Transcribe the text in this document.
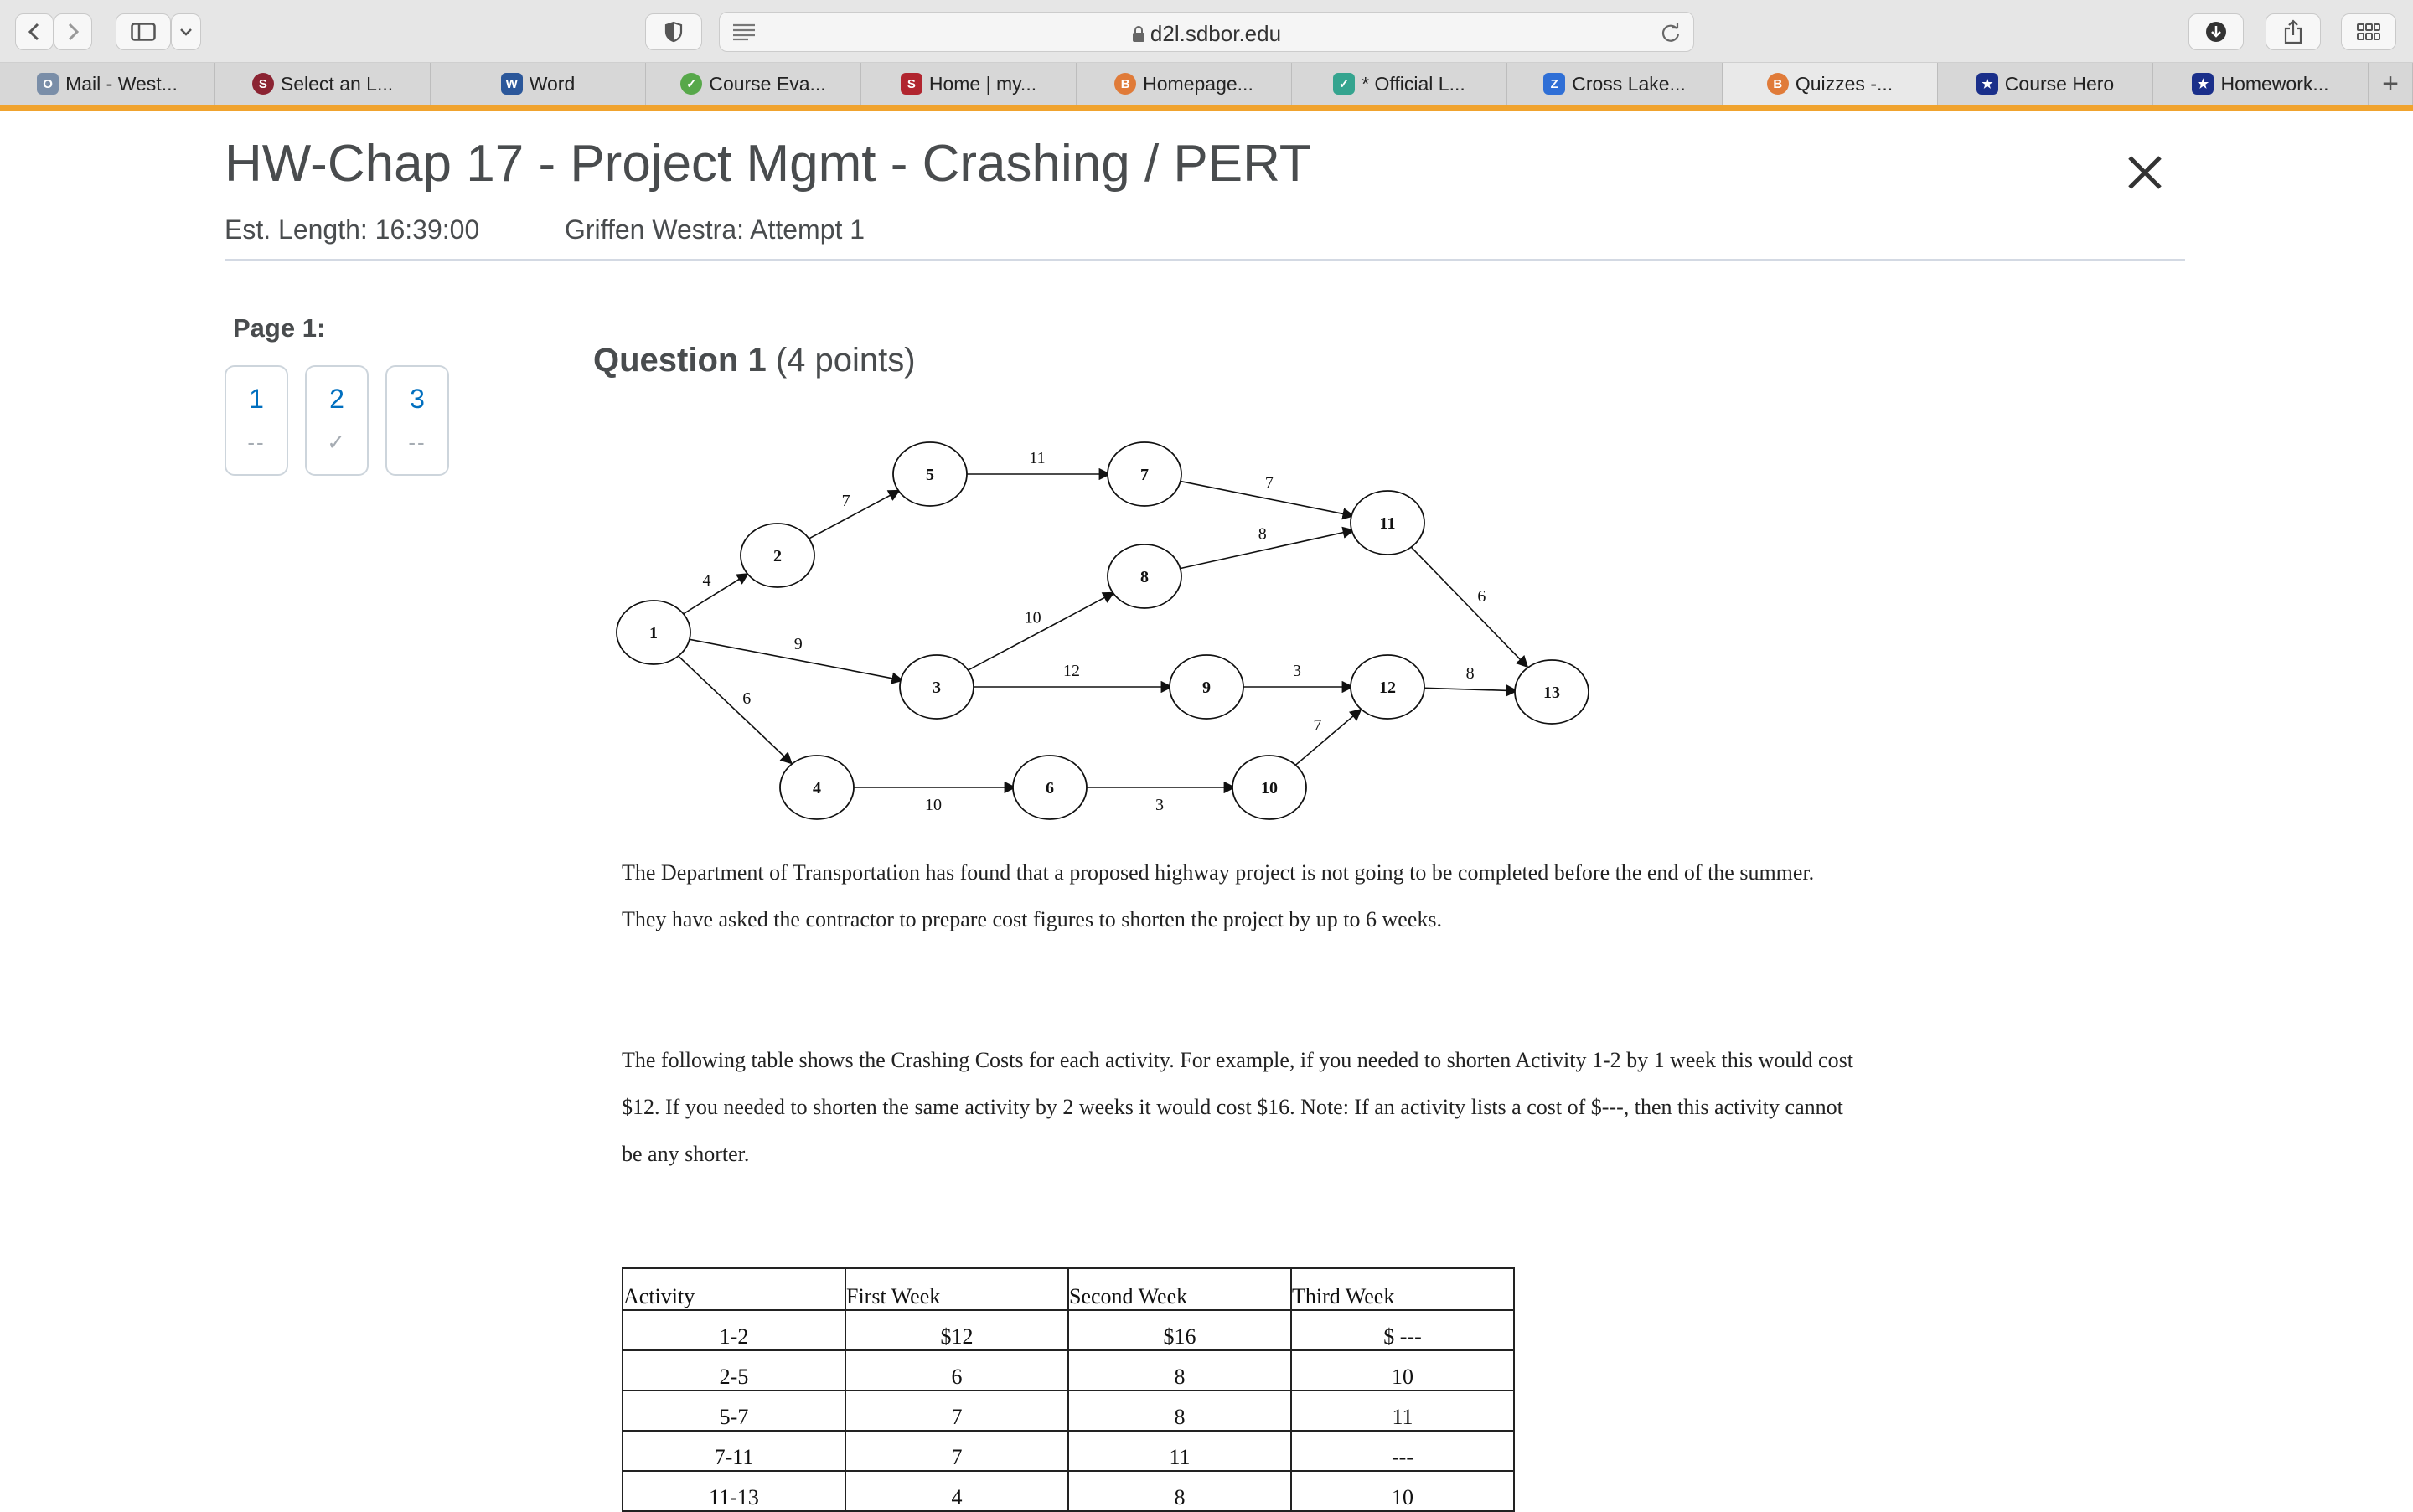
d2l.sdbor.edu
O Mail - West...	S Select an L...	W Word	✓ Course Eva...	S Home | my...	B Homepage...	✓ * Official L...	Z Cross Lake...	B Quizzes -...	★ Course Hero	★ Homework... +
HW-Chap 17 - Project Mgmt - Crashing / PERT
Est. Length: 16:39:00	Griffen Westra: Attempt 1
Page 1:
1
--
2
✓
3
--
Question 1 (4 points)
4
9
6
7
11
7
10
8
12	3
10	3
7
6
8
1
2
3
4
5
6
7
8
9
10
11
12	13
The Department of Transportation has found that a proposed highway project is not going to be completed before the end of the summer. They have asked the contractor to prepare cost figures to shorten the project by up to 6 weeks.
The following table shows the Crashing Costs for each activity. For example, if you needed to shorten Activity 1-2 by 1 week this would cost $12. If you needed to shorten the same activity by 2 weeks it would cost $16. Note: If an activity lists a cost of $---, then this activity cannot be any shorter.
Activity	First Week	Second Week	Third Week
1-2	$12	$16	$ ---
2-5	6	8	10
5-7	7	8	11
7-11	7	11	---
11-13	4	8	10
